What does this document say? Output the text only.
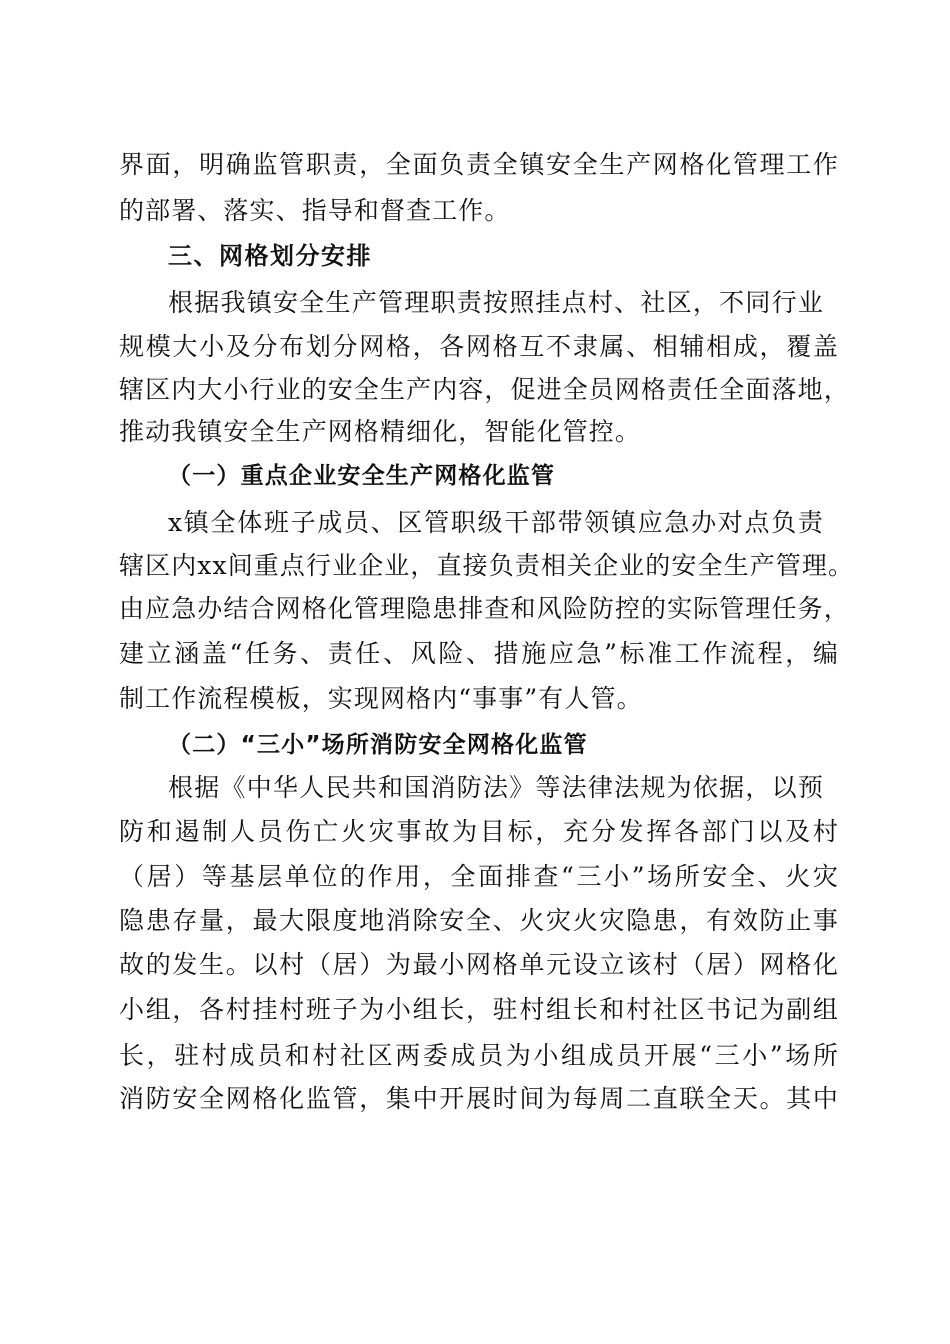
界面，明确监管职责，全面负责全镇安全生产网格化管理工作
的部署、落实、指导和督查工作。
三、网格划分安排
根据我镇安全生产管理职责按照挂点村、社区，不同行业
规模大小及分布划分网格，各网格互不隶属、相辅相成，覆盖
辖区内大小行业的安全生产内容，促进全员网格责任全面落地，
推动我镇安全生产网格精细化，智能化管控。
（一）重点企业安全生产网格化监管
x镇全体班子成员、区管职级干部带领镇应急办对点负责
辖区内xx间重点行业企业，直接负责相关企业的安全生产管理。
由应急办结合网格化管理隐患排查和风险防控的实际管理任务，
建立涵盖“任务、责任、风险、措施应急”标准工作流程，编
制工作流程模板，实现网格内“事事”有人管。
（二）“三小”场所消防安全网格化监管
根据《中华人民共和国消防法》等法律法规为依据，以预
防和遏制人员伤亡火灾事故为目标，充分发挥各部门以及村
（居）等基层单位的作用，全面排查“三小”场所安全、火灾
隐患存量，最大限度地消除安全、火灾火灾隐患，有效防止事
故的发生。以村（居）为最小网格单元设立该村（居）网格化
小组，各村挂村班子为小组长，驻村组长和村社区书记为副组
长，驻村成员和村社区两委成员为小组成员开展“三小”场所
消防安全网格化监管，集中开展时间为每周二直联全天。其中
